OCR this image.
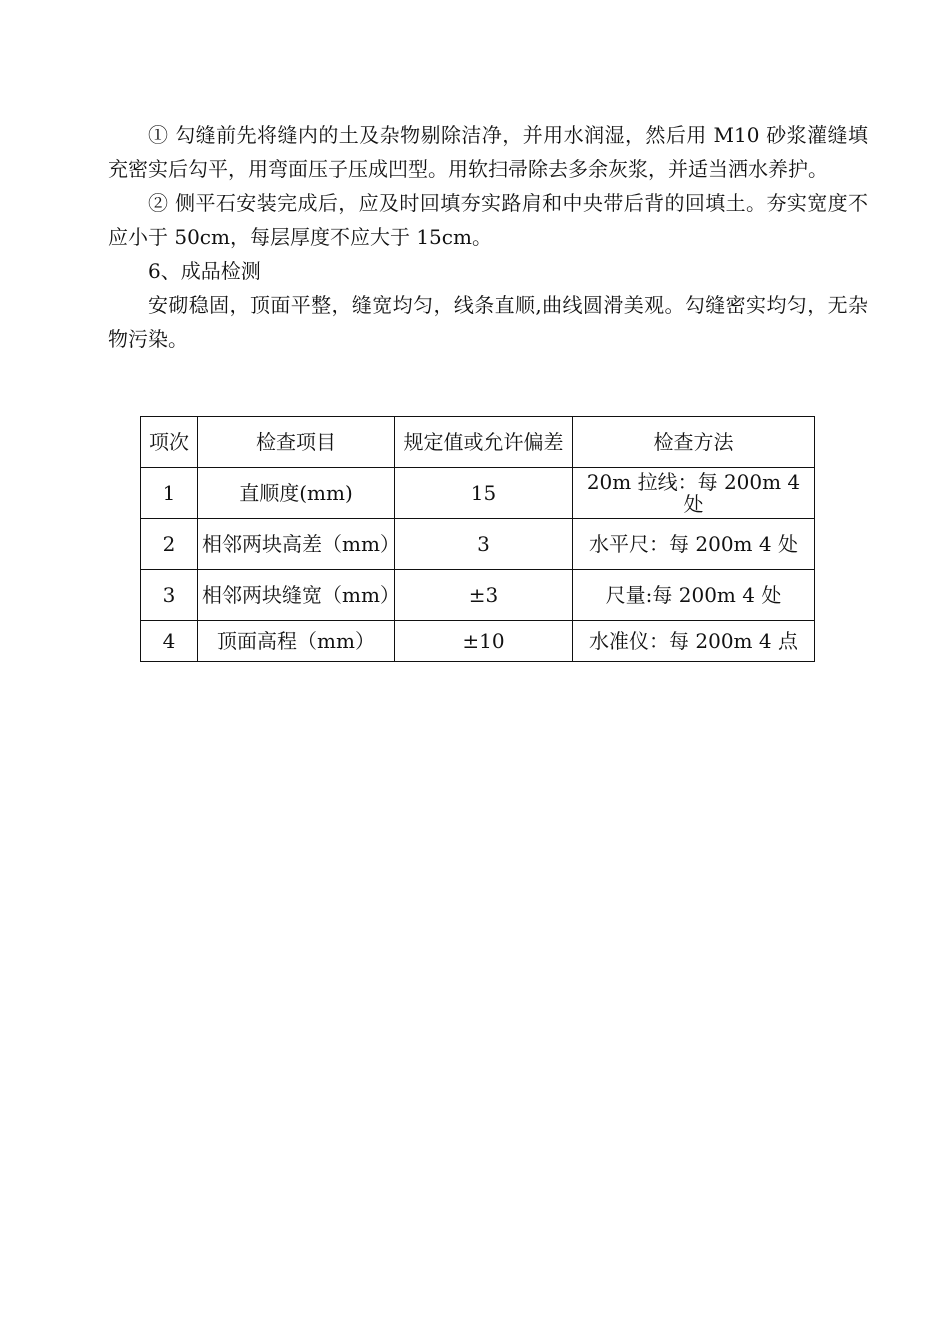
① 勾缝前先将缝内的土及杂物剔除洁净，并用水润湿，然后用 M10 砂浆灌缝填充密实后勾平，用弯面压子压成凹型。用软扫帚除去多余灰浆，并适当洒水养护。

② 侧平石安装完成后，应及时回填夯实路肩和中央带后背的回填土。夯实宽度不应小于 50cm，每层厚度不应大于 15cm。

6、成品检测

安砌稳固，顶面平整，缝宽均匀，线条直顺,曲线圆滑美观。勾缝密实均匀，无杂物污染。

项次	检查项目	规定值或允许偏差	检查方法
1	直顺度(mm)	15	20m 拉线：每 200m 4 处
2	相邻两块高差（mm）	3	水平尺：每 200m 4 处
3	相邻两块缝宽（mm）	±3	尺量:每 200m 4 处
4	顶面高程（mm）	±10	水准仪：每 200m 4 点
